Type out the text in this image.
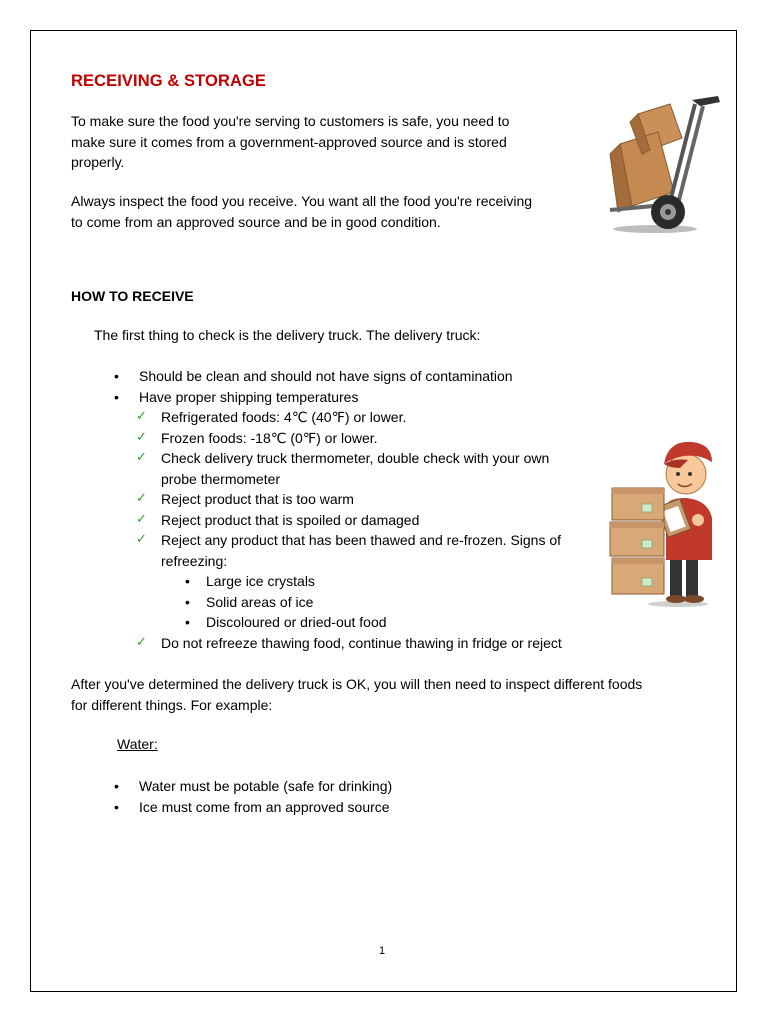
RECEIVING & STORAGE
To make sure the food you're serving to customers is safe, you need to
make sure it comes from a government-approved source and is stored
properly.
Always inspect the food you receive. You want all the food you're receiving
to come from an approved source and be in good condition.
HOW TO RECEIVE

The first thing to check is the delivery truck. The delivery truck:

• Should be clean and should not have signs of contamination
• Have proper shipping temperatures
✓ Refrigerated foods: 4℃ (40℉) or lower.
✓ Frozen foods: -18℃ (0℉) or lower.
✓ Check delivery truck thermometer, double check with your own
probe thermometer
✓ Reject product that is too warm
✓ Reject product that is spoiled or damaged
✓ Reject any product that has been thawed and re-frozen. Signs of
refreezing:
• Large ice crystals
• Solid areas of ice
• Discoloured or dried-out food
✓ Do not refreeze thawing food, continue thawing in fridge or reject
After you've determined the delivery truck is OK, you will then need to inspect different foods
for different things. For example:
Water:
• Water must be potable (safe for drinking)
• Ice must come from an approved source
1
